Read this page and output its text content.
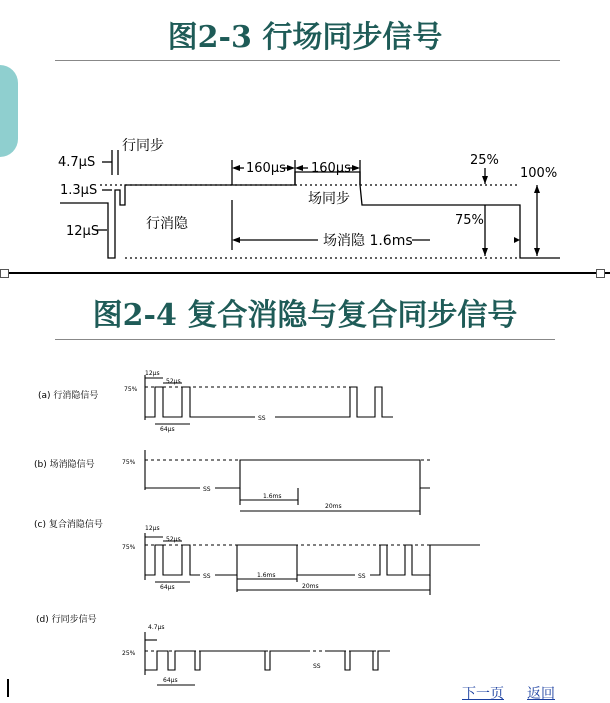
图2-3 行场同步信号
4.7μS
1.3μS
12μS
行同步
行消隐
160μs 160μs
场同步
场消隐 1.6ms
25%
75%
100%
(a) 行消隐信号
(b) 场消隐信号
(c) 复合消隐信号
(d) 行同步信号
12μs
52μs
64μs
75%
SS
75%
SS
1.6ms
20ms
12μs
52μs
75%
64μs
SS	1.6ms	SS
20ms
4.7μs
25%
SS
64μs
图2-4 复合消隐与复合同步信号
下一页 返回
